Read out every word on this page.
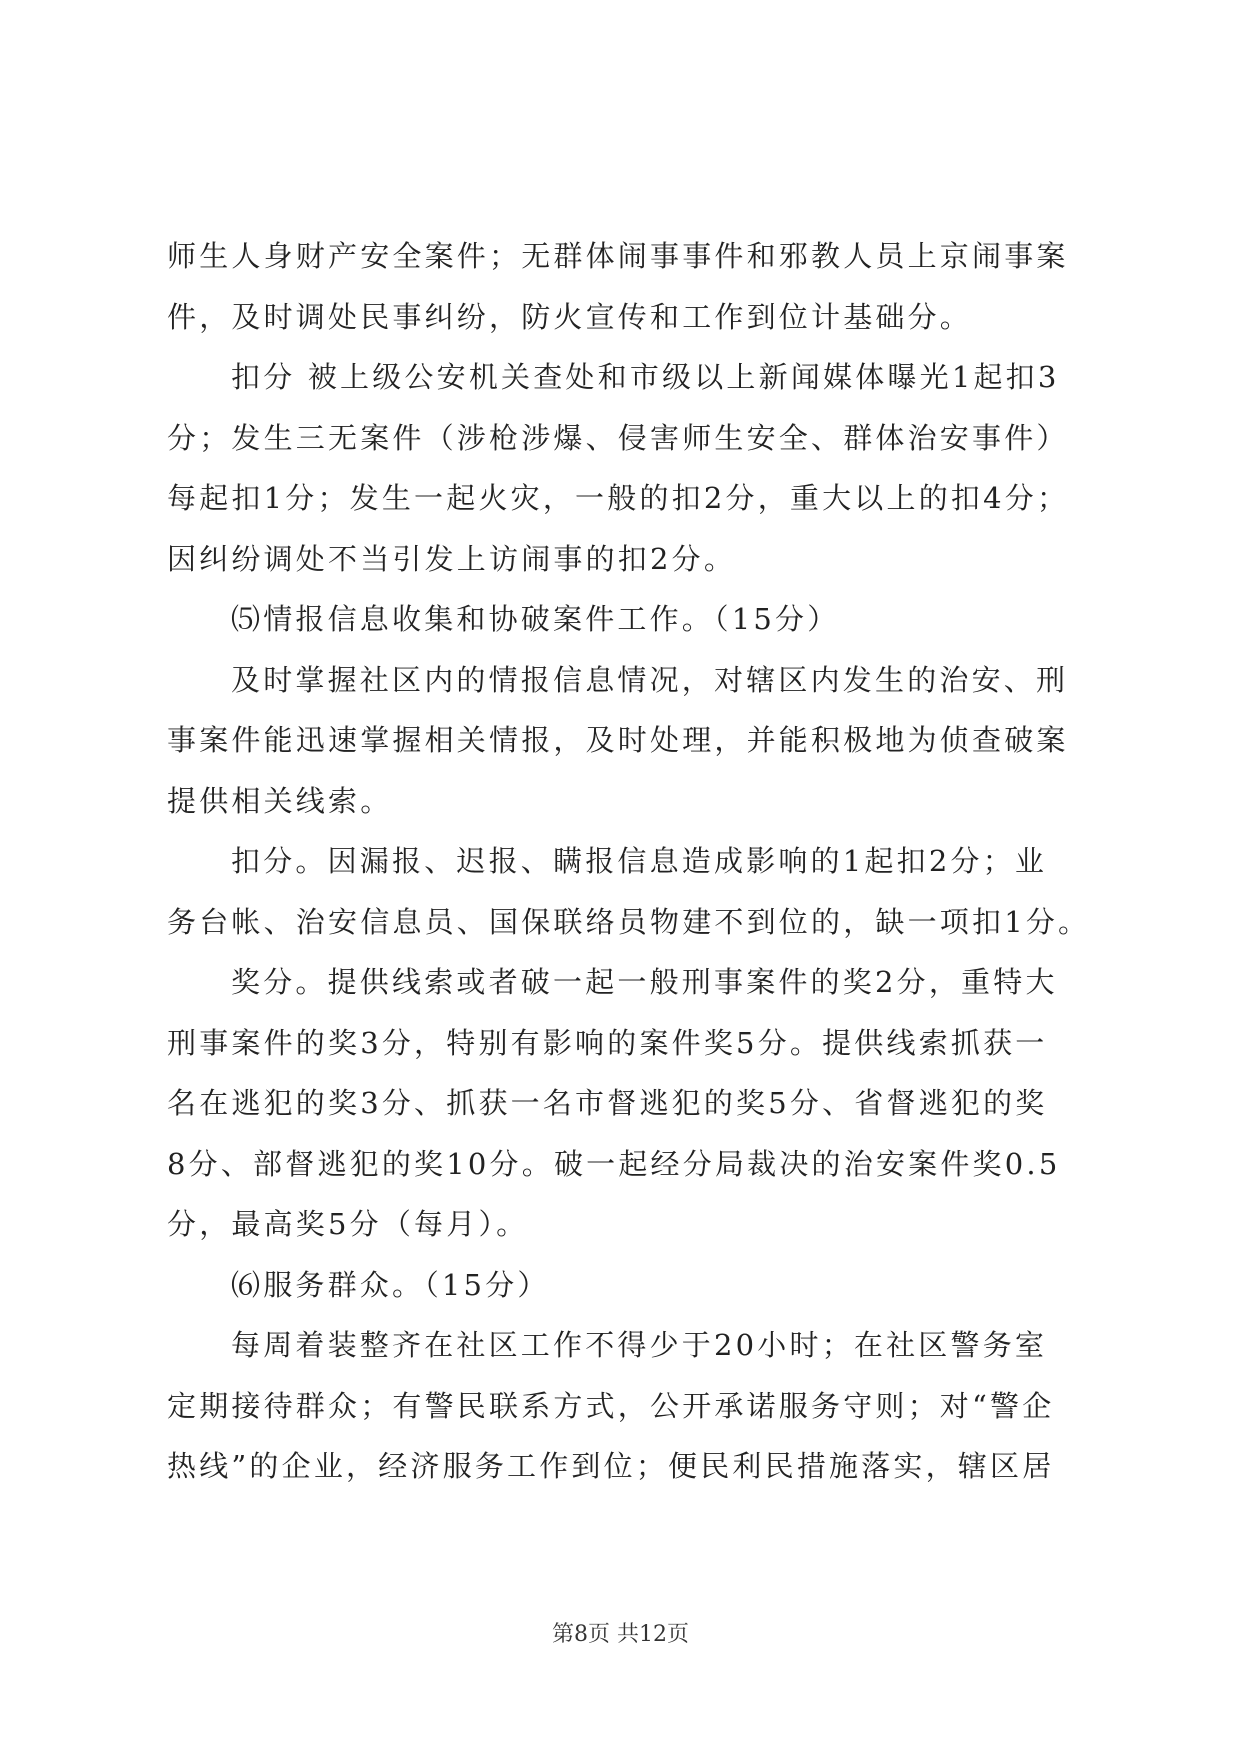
师生人身财产安全案件；无群体闹事事件和邪教人员上京闹事案
件，及时调处民事纠纷，防火宣传和工作到位计基础分。
扣分 被上级公安机关查处和市级以上新闻媒体曝光1起扣3
分；发生三无案件（涉枪涉爆、侵害师生安全、群体治安事件）
每起扣1分；发生一起火灾，一般的扣2分，重大以上的扣4分；
因纠纷调处不当引发上访闹事的扣2分。
⑸情报信息收集和协破案件工作。（15分）
及时掌握社区内的情报信息情况，对辖区内发生的治安、刑
事案件能迅速掌握相关情报，及时处理，并能积极地为侦查破案
提供相关线索。
扣分。因漏报、迟报、瞒报信息造成影响的1起扣2分；业
务台帐、治安信息员、国保联络员物建不到位的，缺一项扣1分。
奖分。提供线索或者破一起一般刑事案件的奖2分，重特大
刑事案件的奖3分，特别有影响的案件奖5分。提供线索抓获一
名在逃犯的奖3分、抓获一名市督逃犯的奖5分、省督逃犯的奖
8分、部督逃犯的奖10分。破一起经分局裁决的治安案件奖0.5
分，最高奖5分（每月）。
⑹服务群众。（15分）
每周着装整齐在社区工作不得少于20小时；在社区警务室
定期接待群众；有警民联系方式，公开承诺服务守则；对“警企
热线”的企业，经济服务工作到位；便民利民措施落实，辖区居
第8页 共12页
